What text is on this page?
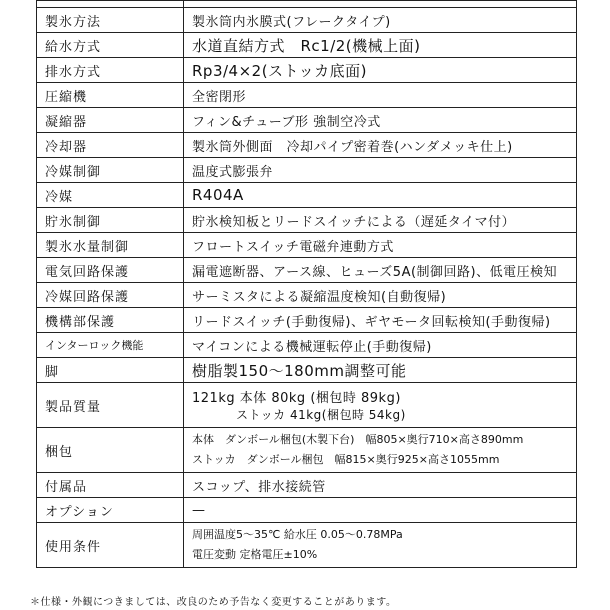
製氷方法	製氷筒内氷膜式(フレークタイプ)
給水方式	水道直結方式　Rc1/2(機械上面)
排水方式	Rp3/4×2(ストッカ底面)
圧縮機	全密閉形
凝縮器	フィン&チューブ形 強制空冷式
冷却器	製氷筒外側面　冷却パイプ密着巻(ハンダメッキ仕上)
冷媒制御	温度式膨張弁
冷媒	R404A
貯氷制御	貯氷検知板とリードスイッチによる（遅延タイマ付）
製氷水量制御	フロートスイッチ電磁弁連動方式
電気回路保護	漏電遮断器、アース線、ヒューズ5A(制御回路)、低電圧検知
冷媒回路保護	サーミスタによる凝縮温度検知(自動復帰)
機構部保護	リードスイッチ(手動復帰)、ギヤモータ回転検知(手動復帰)
インターロック機能	マイコンによる機械運転停止(手動復帰)
脚	樹脂製150～180mm調整可能
製品質量	121kg 本体 80kg (梱包時 89kg)
ストッカ 41kg(梱包時 54kg)

梱包	本体　ダンボール梱包(木製下台)　幅805×奥行710×高さ890mm
ストッカ　ダンボール梱包　幅815×奥行925×高さ1055mm

付属品	スコップ、排水接続管
オプション	—
使用条件	周囲温度5～35℃ 給水圧 0.05～0.78MPa
電圧変動 定格電圧±10%
＊仕様・外観につきましては、改良のため予告なく変更することがあります。
